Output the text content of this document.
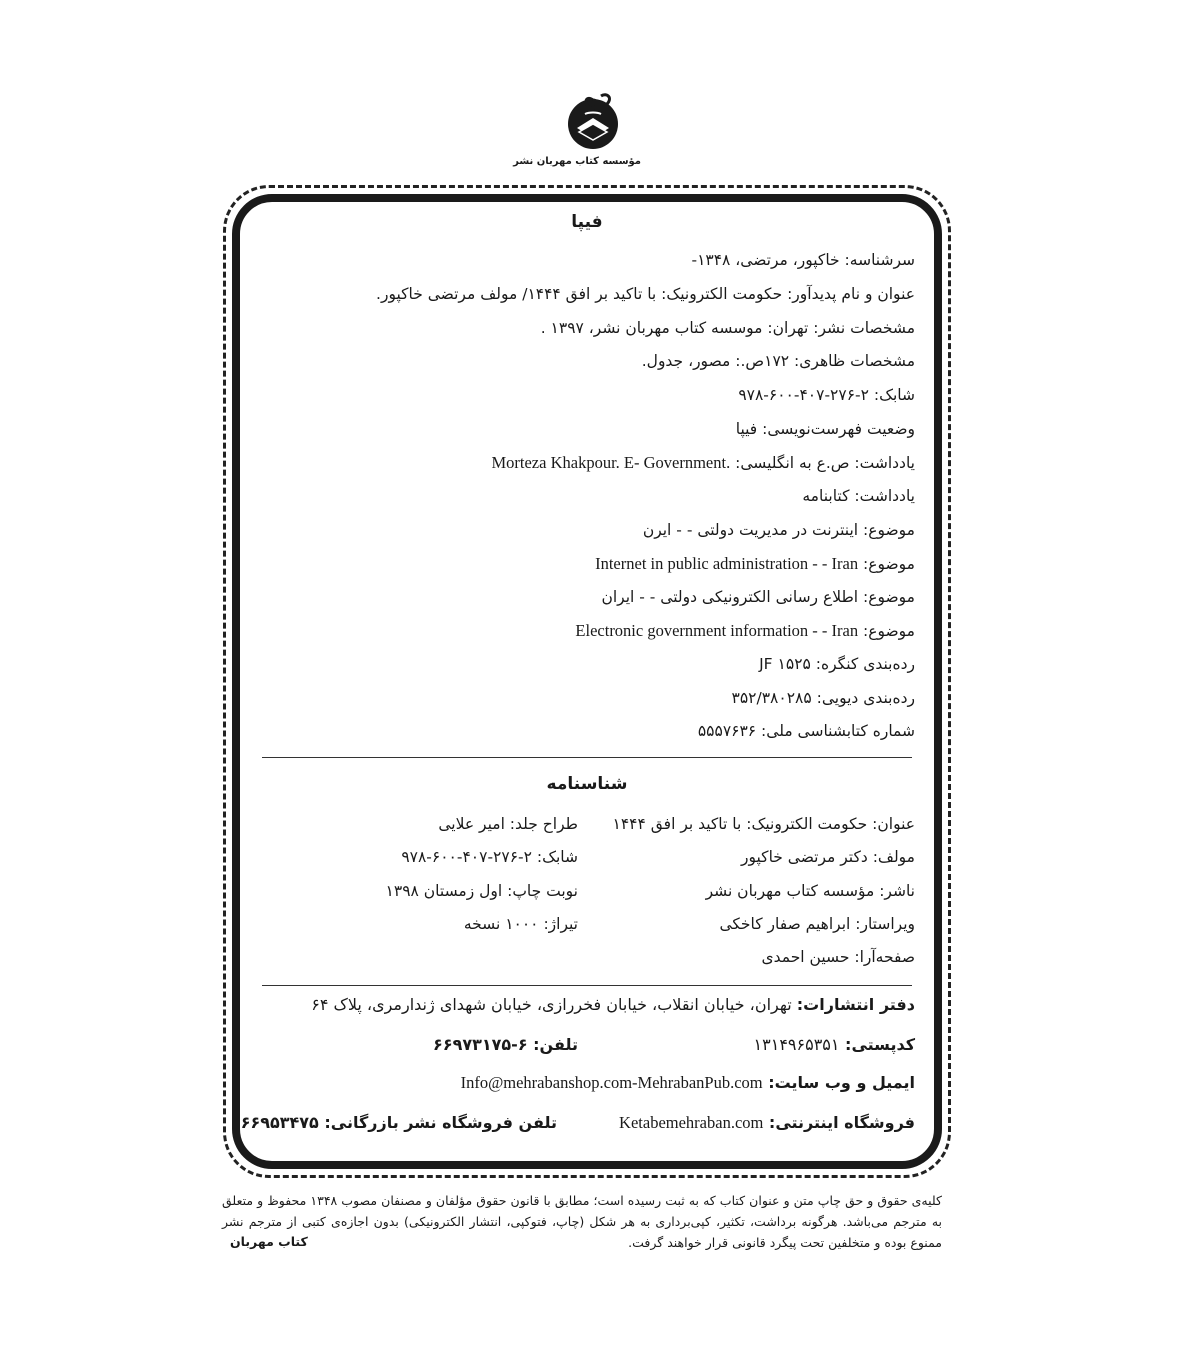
مؤسسه کتاب مهربان نشر
فیپا
سرشناسه: خاکپور، مرتضی، ۱۳۴۸-
عنوان و نام پدیدآور: حکومت الکترونیک: با تاکید بر افق ۱۴۴۴/ مولف مرتضی خاکپور.
مشخصات نشر: تهران: موسسه کتاب مهربان نشر، ۱۳۹۷ .
مشخصات ظاهری: ۱۷۲ص.: مصور، جدول.
شابک: ۲-۲۷۶-۴۰۷-۶۰۰-۹۷۸
وضعیت فهرست‌نویسی: فیپا
یادداشت: ص.ع به انگلیسی: Morteza Khakpour. E- Government.
یادداشت: کتابنامه
موضوع: اینترنت در مدیریت دولتی - - ایرن
موضوع: Internet in public administration - - Iran
موضوع: اطلاع رسانی الکترونیکی دولتی - - ایران
موضوع: Electronic government information - - Iran
رده‌بندی کنگره: ۱۵۲۵ JF
رده‌بندی دیویی: ۳۵۲/۳۸۰۲۸۵
شماره کتابشناسی ملی: ۵۵۵۷۶۳۶
شناسنامه
عنوان: حکومت الکترونیک: با تاکید بر افق ۱۴۴۴
مولف: دکتر مرتضی خاکپور
ناشر: مؤسسه کتاب مهربان نشر
ویراستار: ابراهیم صفار کاخکی
صفحه‌آرا: حسین احمدی
طراح جلد: امیر علایی
شابک: ۲-۲۷۶-۴۰۷-۶۰۰-۹۷۸
نوبت چاپ: اول زمستان ۱۳۹۸
تیراژ: ۱۰۰۰ نسخه
دفتر انتشارات: تهران، خیابان انقلاب، خیابان فخررازی، خیابان شهدای ژندارمری، پلاک ۶۴
کدپستی: ۱۳۱۴۹۶۵۳۵۱
تلفن: ۶-۶۶۹۷۳۱۷۵
ایمیل و وب سایت: Info@mehrabanshop.com-MehrabanPub.com
فروشگاه اینترنتی: Ketabemehraban.com
تلفن فروشگاه نشر بازرگانی: ۶۶۹۵۳۴۷۵
کلیه‌ی حقوق و حق چاپ متن و عنوان کتاب که به ثبت رسیده است؛ مطابق با قانون حقوق مؤلفان و مصنفان مصوب ۱۳۴۸ محفوظ و متعلق به مترجم می‌باشد. هرگونه برداشت، تکثیر، کپی‌برداری به هر شکل (چاپ، فتوکپی، انتشار الکترونیکی) بدون اجازه‌ی کتبی از مترجم نشر ممنوع بوده و متخلفین تحت پیگرد قانونی قرار خواهند گرفت.
کتاب مهربان
